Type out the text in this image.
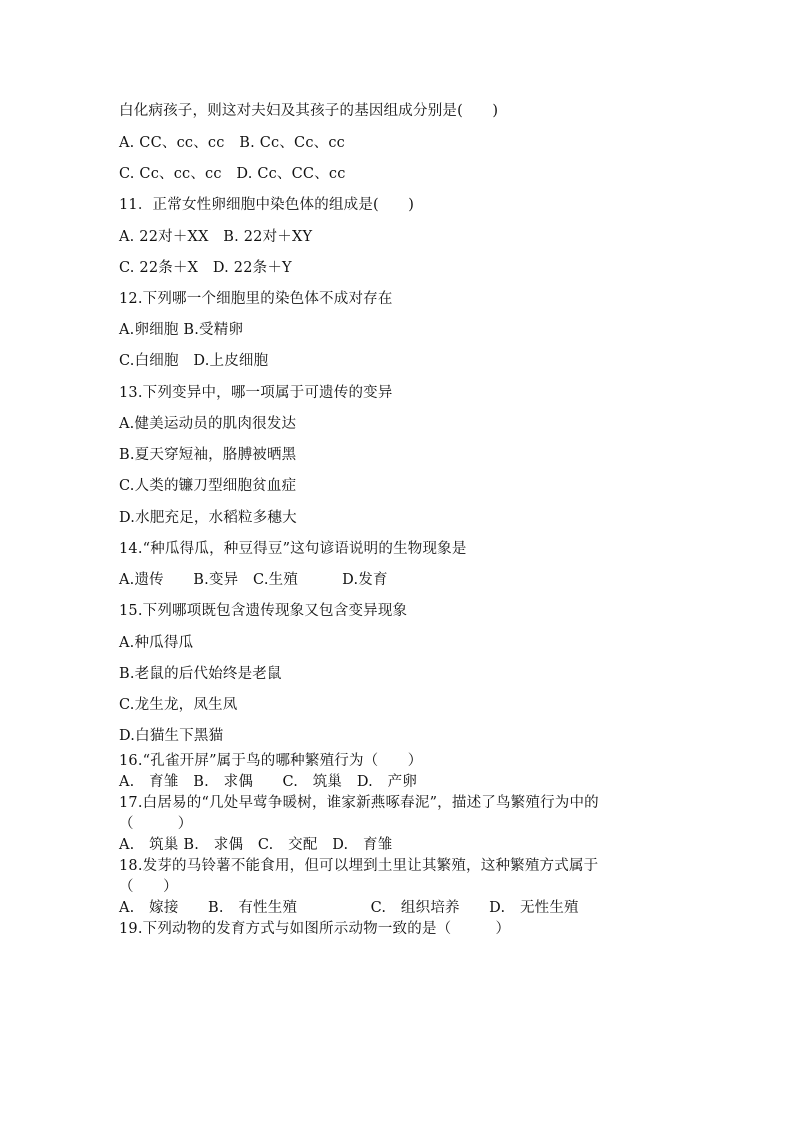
白化病孩子，则这对夫妇及其孩子的基因组成分别是(　　)
A. CC、cc、cc　B. Cc、Cc、cc
C. Cc、cc、cc　D. Cc、CC、cc
11．正常女性卵细胞中染色体的组成是(　　)
A. 22对＋XX　B. 22对＋XY
C. 22条＋X　D. 22条＋Y
12.下列哪一个细胞里的染色体不成对存在
A.卵细胞 B.受精卵
C.白细胞　D.上皮细胞
13.下列变异中，哪一项属于可遗传的变异
A.健美运动员的肌肉很发达
B.夏天穿短袖，胳膊被晒黑
C.人类的镰刀型细胞贫血症
D.水肥充足，水稻粒多穗大
14.“种瓜得瓜，种豆得豆”这句谚语说明的生物现象是
A.遗传　　B.变异　C.生殖　　　D.发育
15.下列哪项既包含遗传现象又包含变异现象
A.种瓜得瓜
B.老鼠的后代始终是老鼠
C.龙生龙，凤生凤
D.白猫生下黑猫
16.“孔雀开屏”属于鸟的哪种繁殖行为（　　）
A.　育雏　B.　求偶　　C.　筑巢　D.　产卵
17.白居易的“几处早莺争暖树，谁家新燕啄春泥”，描述了鸟繁殖行为中的
（　　　）
A.　筑巢 B.　求偶　C.　交配　D.　育雏
18.发芽的马铃薯不能食用，但可以埋到土里让其繁殖，这种繁殖方式属于
（　　）
A.　嫁接　　B.　有性生殖　　　　　C.　组织培养　　D.　无性生殖
19.下列动物的发育方式与如图所示动物一致的是（　　　）
